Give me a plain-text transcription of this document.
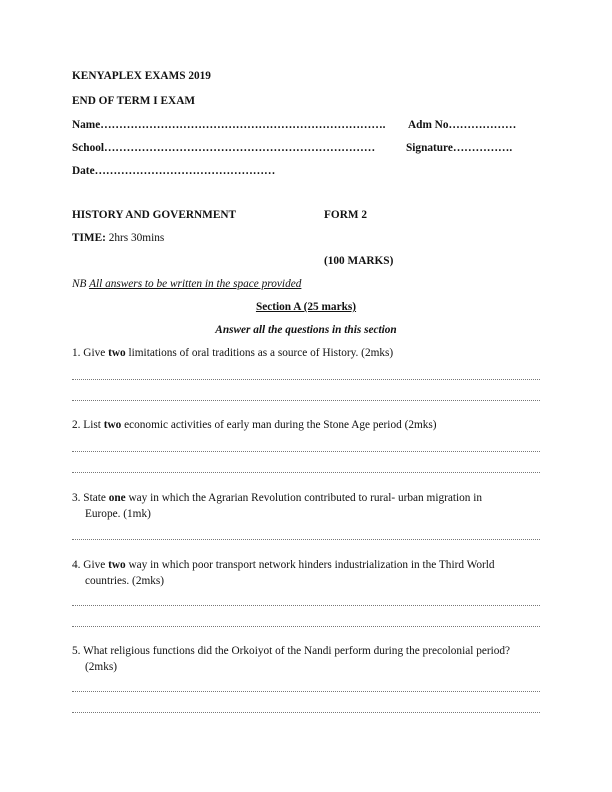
KENYAPLEX EXAMS 2019
END OF TERM I EXAM
Name…………………………………………………………………. Adm No………………
School………………………………………………………………	Signature…………….
Date…………………………………………
HISTORY AND GOVERNMENT	FORM 2
TIME: 2hrs 30mins
(100 MARKS)
NB All answers to be written in the space provided
Section A (25 marks)
Answer all the questions in this section
1. Give two limitations of oral traditions as a source of History. (2mks)
2. List two economic activities of early man during the Stone Age period (2mks)
3. State one way in which the Agrarian Revolution contributed to rural- urban migration in
Europe. (1mk)
4. Give two way in which poor transport network hinders industrialization in the Third World
countries. (2mks)
5. What religious functions did the Orkoiyot of the Nandi perform during the precolonial period?
(2mks)
